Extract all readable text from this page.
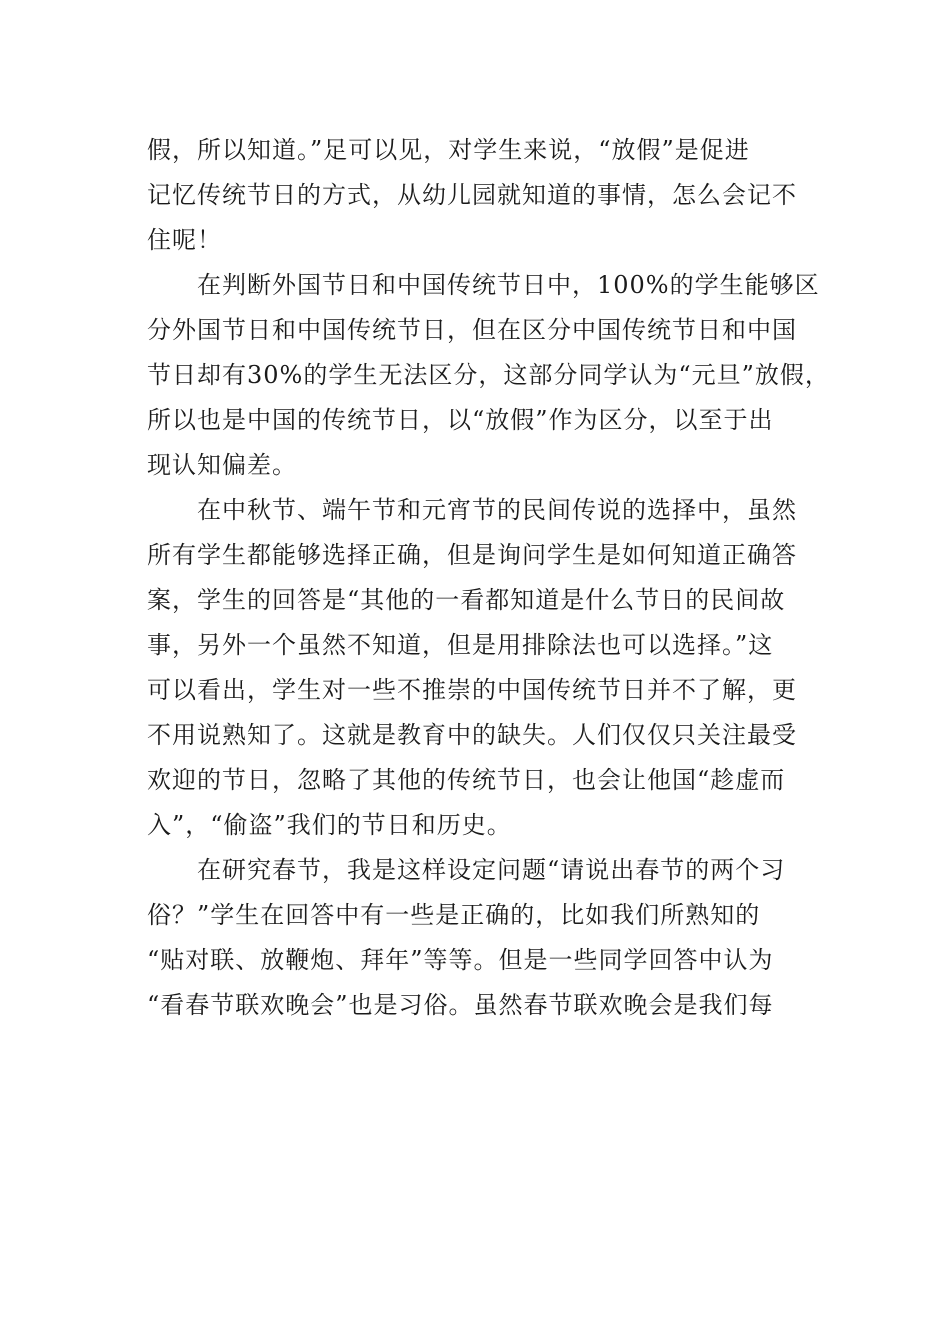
假，所以知道。”足可以见，对学生来说，“放假”是促进
记忆传统节日的方式，从幼儿园就知道的事情，怎么会记不
住呢！
在判断外国节日和中国传统节日中，100%的学生能够区
分外国节日和中国传统节日，但在区分中国传统节日和中国
节日却有30%的学生无法区分，这部分同学认为“元旦”放假，
所以也是中国的传统节日，以“放假”作为区分，以至于出
现认知偏差。
在中秋节、端午节和元宵节的民间传说的选择中，虽然
所有学生都能够选择正确，但是询问学生是如何知道正确答
案，学生的回答是“其他的一看都知道是什么节日的民间故
事，另外一个虽然不知道，但是用排除法也可以选择。”这
可以看出，学生对一些不推崇的中国传统节日并不了解，更
不用说熟知了。这就是教育中的缺失。人们仅仅只关注最受
欢迎的节日，忽略了其他的传统节日，也会让他国“趁虚而
入”，“偷盗”我们的节日和历史。
在研究春节，我是这样设定问题“请说出春节的两个习
俗？”学生在回答中有一些是正确的，比如我们所熟知的
“贴对联、放鞭炮、拜年”等等。但是一些同学回答中认为
“看春节联欢晚会”也是习俗。虽然春节联欢晚会是我们每
